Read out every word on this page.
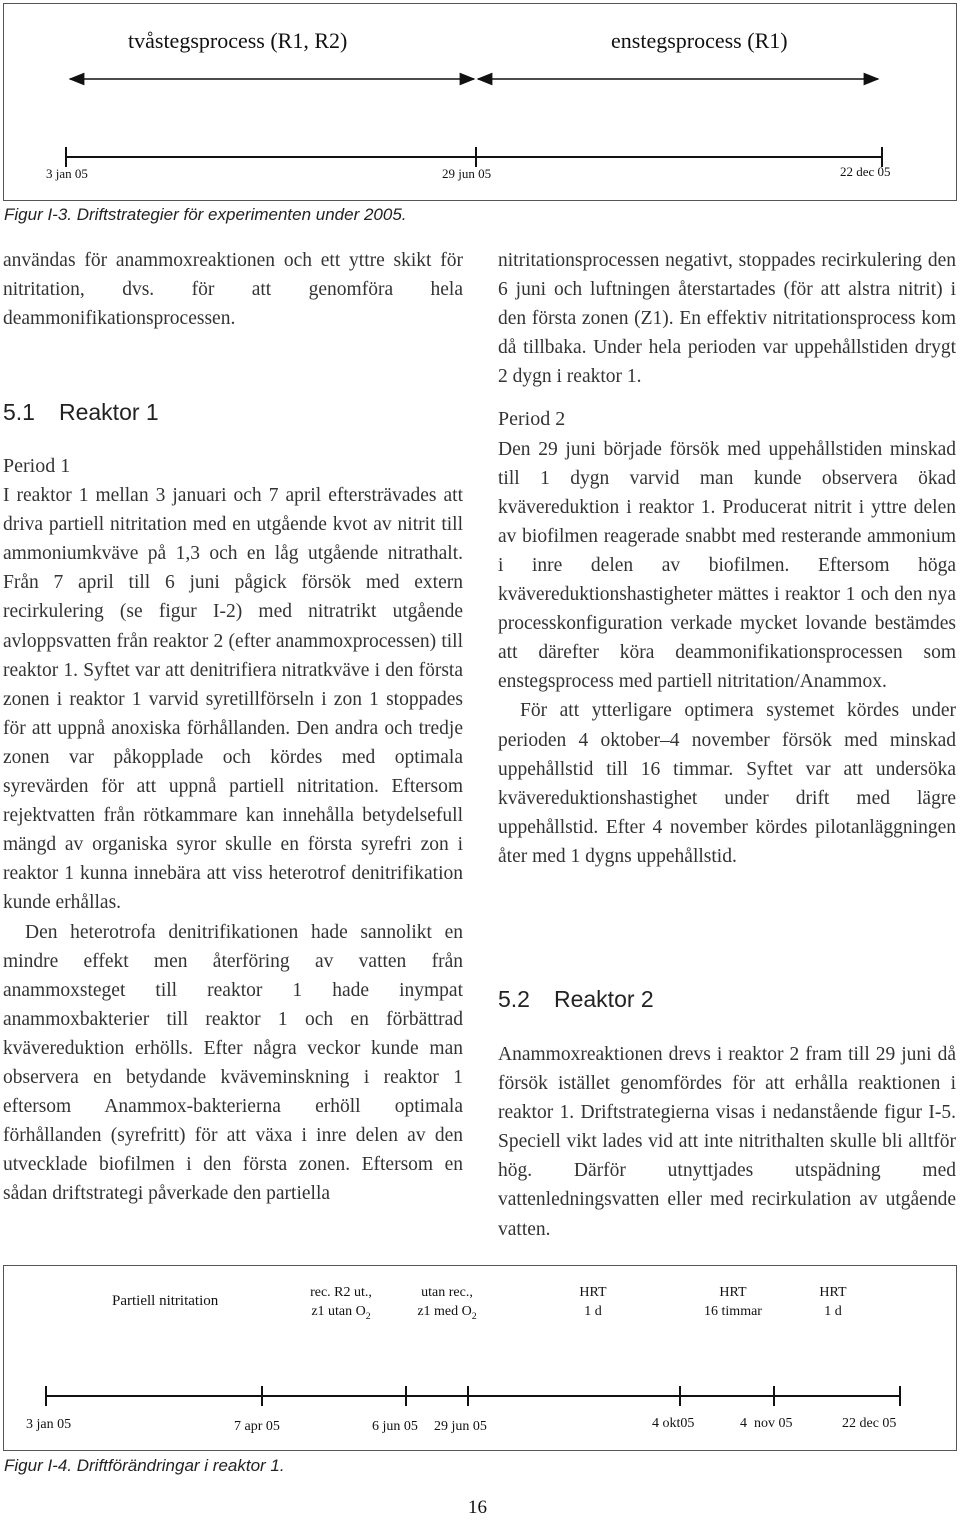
tvåstegsprocess (R1, R2)	enstegsprocess (R1)
3 jan 05	29 jun 05	22 dec 05
Figur I-3. Driftstrategier för experimenten under 2005.

användas för anammoxreaktionen och ett yttre skikt för nitritation, dvs. för att genomföra hela deammonifikationsprocessen.

5.1 Reaktor 1
Period 1

I reaktor 1 mellan 3 januari och 7 april eftersträvades att driva partiell nitritation med en utgående kvot av nitrit till ammoniumkväve på 1,3 och en låg utgående nitrathalt. Från 7 april till 6 juni pågick försök med extern recirkulering (se figur I-2) med nitratrikt utgående avloppsvatten från reaktor 2 (efter anammoxprocessen) till reaktor 1. Syftet var att denitrifiera nitratkväve i den första zonen i reaktor 1 varvid syretillförseln i zon 1 stoppades för att uppnå anoxiska förhållanden. Den andra och tredje zonen var påkopplade och kördes med optimala syrevärden för att uppnå partiell nitritation. Eftersom rejektvatten från rötkammare kan innehålla betydelsefull mängd av organiska syror skulle en första syrefri zon i reaktor 1 kunna innebära att viss heterotrof denitrifikation kunde erhållas.

Den heterotrofa denitrifikationen hade sannolikt en mindre effekt men återföring av vatten från anammoxsteget till reaktor 1 hade inympat anammoxbakterier till reaktor 1 och en förbättrad kvävereduktion erhölls. Efter några veckor kunde man observera en betydande kväveminskning i reaktor 1 eftersom Anammox-bakterierna erhöll optimala förhållanden (syrefritt) för att växa i inre delen av den utvecklade biofilmen i den första zonen. Eftersom en sådan driftstrategi påverkade den partiella

nitritationsprocessen negativt, stoppades recirkulering den 6 juni och luftningen återstartades (för att alstra nitrit) i den första zonen (Z1). En effektiv nitritationsprocess kom då tillbaka. Under hela perioden var uppehållstiden drygt 2 dygn i reaktor 1.

Period 2

Den 29 juni började försök med uppehållstiden minskad till 1 dygn varvid man kunde observera ökad kvävereduktion i reaktor 1. Producerat nitrit i yttre delen av biofilmen reagerade snabbt med resterande ammonium i inre delen av biofilmen. Eftersom höga kvävereduktionshastigheter mättes i reaktor 1 och den nya processkonfiguration verkade mycket lovande bestämdes att därefter köra deammonifikationsprocessen som enstegsprocess med partiell nitritation/Anammox.

För att ytterligare optimera systemet kördes under perioden 4 oktober–4 november försök med minskad uppehållstid till 16 timmar. Syftet var att undersöka kvävereduktionshastighet under drift med lägre uppehållstid. Efter 4 november kördes pilotanläggningen åter med 1 dygns uppehållstid.

5.2 Reaktor 2

Anammoxreaktionen drevs i reaktor 2 fram till 29 juni då försök istället genomfördes för att erhålla reaktionen i reaktor 1. Driftstrategierna visas i nedanstående figur I-5. Speciell vikt lades vid att inte nitrithalten skulle bli alltför hög. Därför utnyttjades utspädning med vattenledningsvatten eller med recirkulation av utgående vatten.

Partiell nitritation
rec. R2 ut.,
z1 utan $O_2$
utan rec.,
z1 med $O_2$
HRT
1 d
HRT
16 timmar
HRT
1 d
3 jan 05	7 apr 05	6 jun 05 29 jun 05	4 okt05	4  nov 05	22 dec 05
Figur I-4. Driftförändringar i reaktor 1.
16
